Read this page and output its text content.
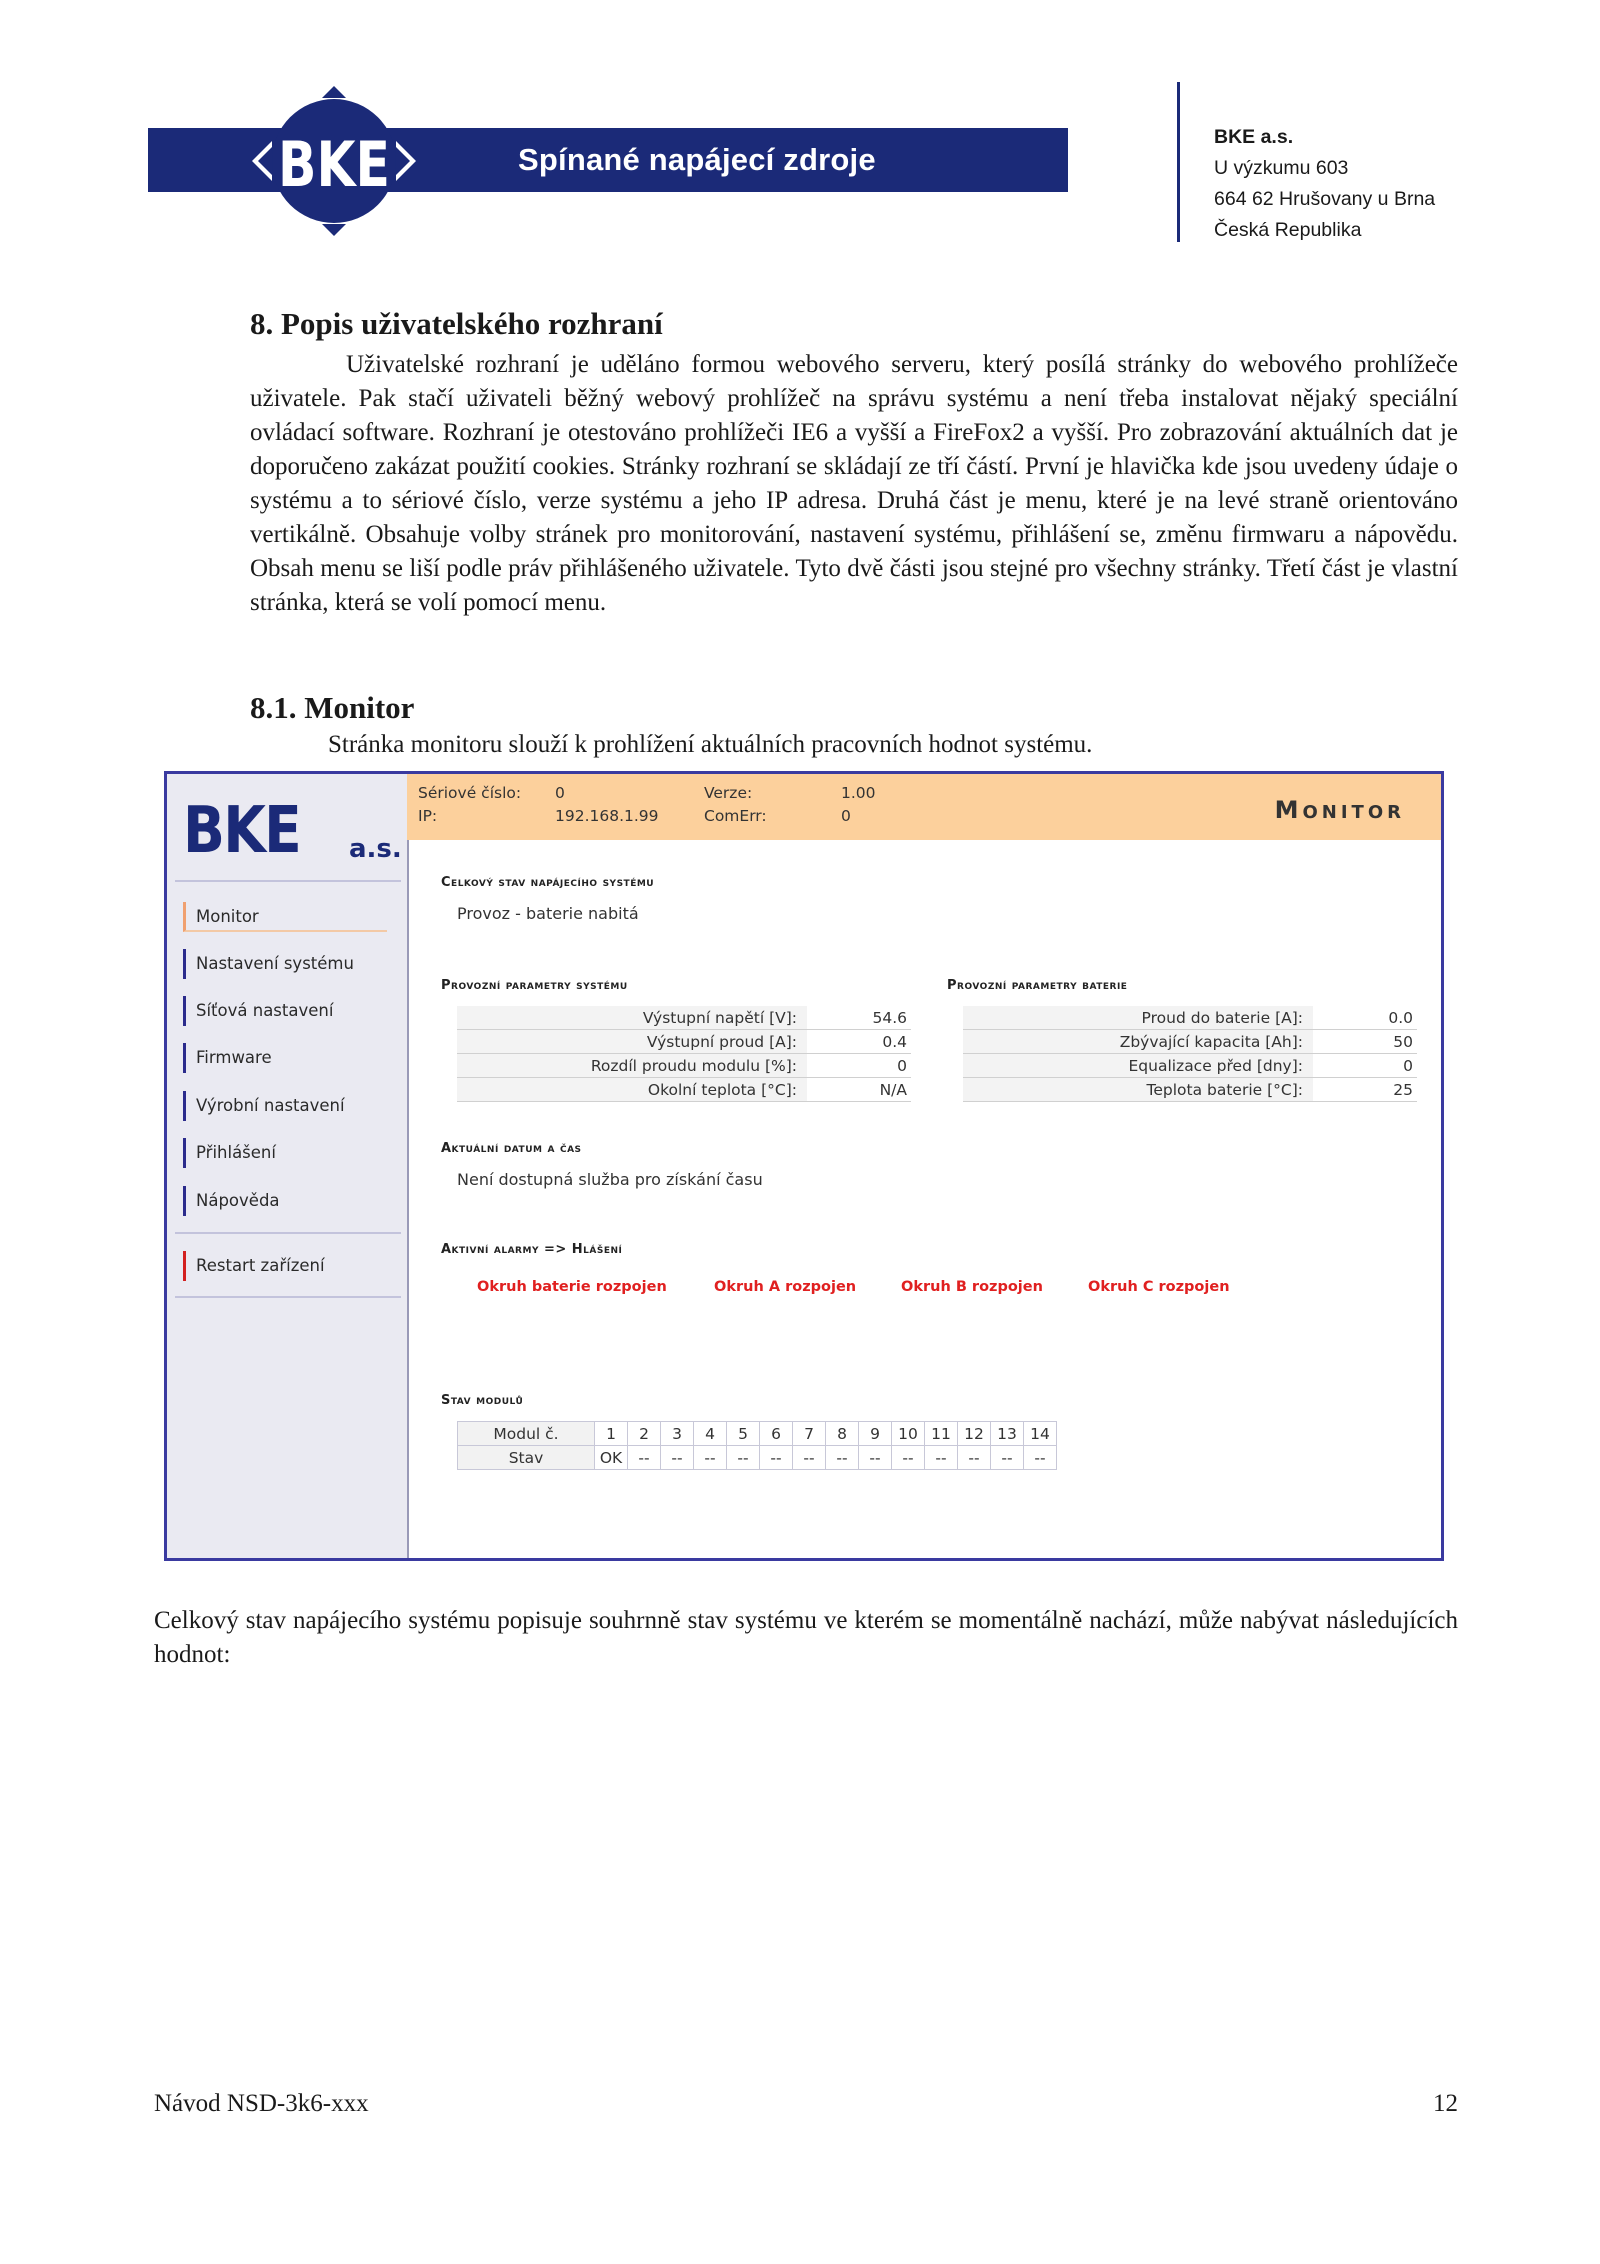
Spínané napájecí zdroje
BKE	BKE a.s.
U výzkumu 603
664 62 Hrušovany u Brna
Česká Republika
8. Popis uživatelského rozhraní
Uživatelské rozhraní je uděláno formou webového serveru, který posílá stránky do webového prohlížeče uživatele. Pak stačí uživateli běžný webový prohlížeč na správu systému a není třeba instalovat nějaký speciální ovládací software. Rozhraní je otestováno prohlížeči IE6 a vyšší a FireFox2 a vyšší. Pro zobrazování aktuálních dat je doporučeno zakázat použití cookies. Stránky rozhraní se skládají ze tří částí. První je hlavička kde jsou uvedeny údaje o systému a to sériové číslo, verze systému a jeho IP adresa. Druhá část je menu, které je na levé straně orientováno vertikálně. Obsahuje volby stránek pro monitorování, nastavení systému, přihlášení se, změnu firmwaru a nápovědu. Obsah menu se liší podle práv přihlášeného uživatele. Tyto dvě části jsou stejné pro všechny stránky. Třetí část je vlastní stránka, která se volí pomocí menu.
8.1. Monitor
Stránka monitoru slouží k prohlížení aktuálních pracovních hodnot systému.
BKE a.s.
Monitor
Nastavení systému
Síťová nastavení
Firmware
Výrobní nastavení
Přihlášení
Nápověda
Restart zařízení
Sériové číslo: 0	Verze:	1.00
IP:	192.168.1.99	ComErr:	0	MONITOR
Celkový stav napájecího systému
Provoz - baterie nabitá
Provozní parametry systému
Výstupní napětí [V]:	54.6
Výstupní proud [A]:	0.4
Rozdíl proudu modulu [%]:	0
Okolní teplota [°C]:	N/A
Provozní parametry baterie
Proud do baterie [A]:	0.0
Zbývající kapacita [Ah]:	50
Equalizace před [dny]:	0
Teplota baterie [°C]:	25
Aktuální datum a čas
Není dostupná služba pro získání času
Aktivní alarmy => Hlášení
Okruh baterie rozpojen	Okruh A rozpojen	Okruh B rozpojen	Okruh C rozpojen
Stav modulů
Modul č.	1	2	3	4	5	6	7	8	9	10	11	12	13	14
Stav	OK	--	--	--	--	--	--	--	--	--	--	--	--	--
Celkový stav napájecího systému popisuje souhrnně stav systému ve kterém se momentálně nachází, může nabývat následujících hodnot:
Návod NSD-3k6-xxx	12
